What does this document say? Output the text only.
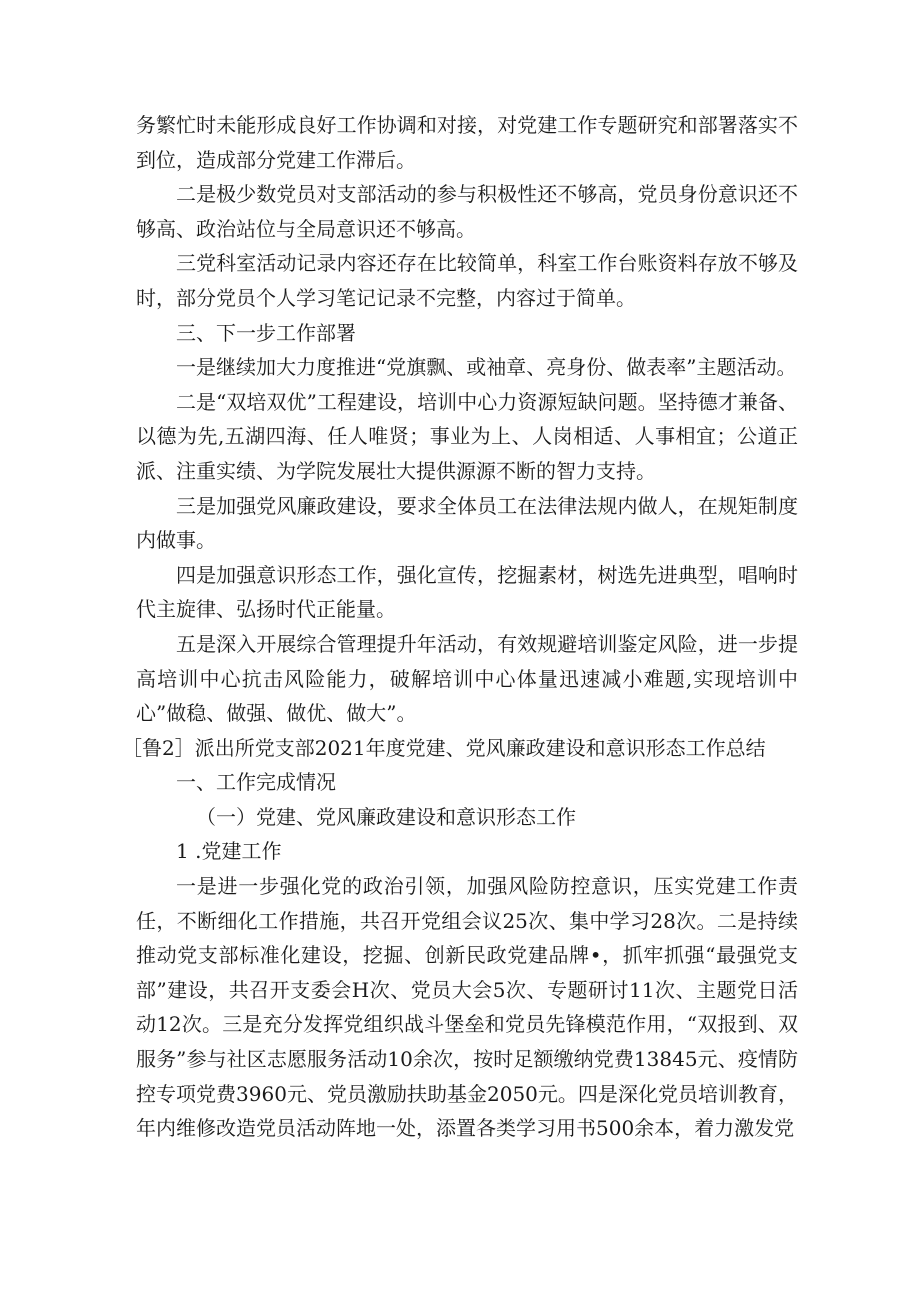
务繁忙时未能形成良好工作协调和对接，对党建工作专题研究和部署落实不到位，造成部分党建工作滞后。

二是极少数党员对支部活动的参与积极性还不够高，党员身份意识还不够高、政治站位与全局意识还不够高。

三党科室活动记录内容还存在比较简单，科室工作台账资料存放不够及时，部分党员个人学习笔记记录不完整，内容过于简单。

三、下一步工作部署

一是继续加大力度推进“党旗飘、或袖章、亮身份、做表率”主题活动。

二是“双培双优”工程建设，培训中心力资源短缺问题。坚持德才兼备、以德为先,五湖四海、任人唯贤；事业为上、人岗相适、人事相宜；公道正派、注重实绩、为学院发展壮大提供源源不断的智力支持。

三是加强党风廉政建设，要求全体员工在法律法规内做人，在规矩制度内做事。

四是加强意识形态工作，强化宣传，挖掘素材，树选先进典型，唱响时代主旋律、弘扬时代正能量。

五是深入开展综合管理提升年活动，有效规避培训鉴定风险，进一步提高培训中心抗击风险能力，破解培训中心体量迅速减小难题,实现培训中心”做稳、做强、做优、做大”。

［鲁2］派出所党支部2021年度党建、党风廉政建设和意识形态工作总结

一、工作完成情况

（一）党建、党风廉政建设和意识形态工作

1 .党建工作

一是进一步强化党的政治引领，加强风险防控意识，压实党建工作责任，不断细化工作措施，共召开党组会议25次、集中学习28次。二是持续推动党支部标准化建设，挖掘、创新民政党建品牌•，抓牢抓强“最强党支部”建设，共召开支委会H次、党员大会5次、专题研讨11次、主题党日活动12次。三是充分发挥党组织战斗堡垒和党员先锋模范作用，“双报到、双服务”参与社区志愿服务活动10余次，按时足额缴纳党费13845元、疫情防控专项党费3960元、党员激励扶助基金2050元。四是深化党员培训教育，年内维修改造党员活动阵地一处，添置各类学习用书500余本，着力激发党
